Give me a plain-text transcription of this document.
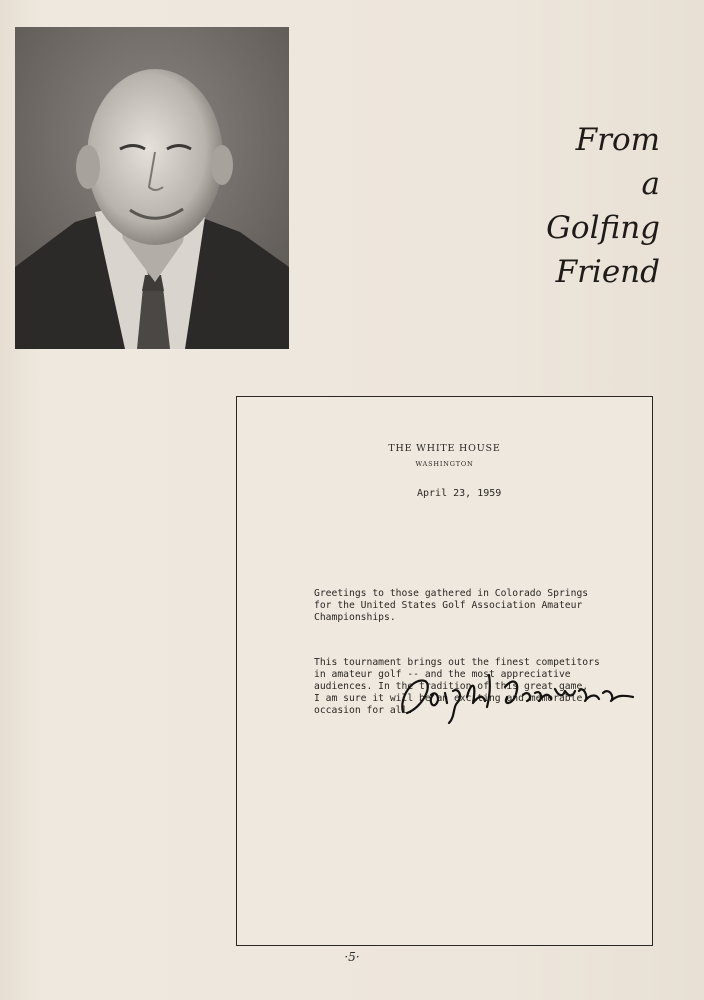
From
a
Golfing
Friend
THE WHITE HOUSE
WASHINGTON
April 23, 1959

Greetings to those gathered in Colorado Springs
for the United States Golf Association Amateur
Championships.

This tournament brings out the finest competitors
in amateur golf -- and the most appreciative
audiences. In the tradition of this great game,
I am sure it will be an exciting and memorable
occasion for all.

·5·
